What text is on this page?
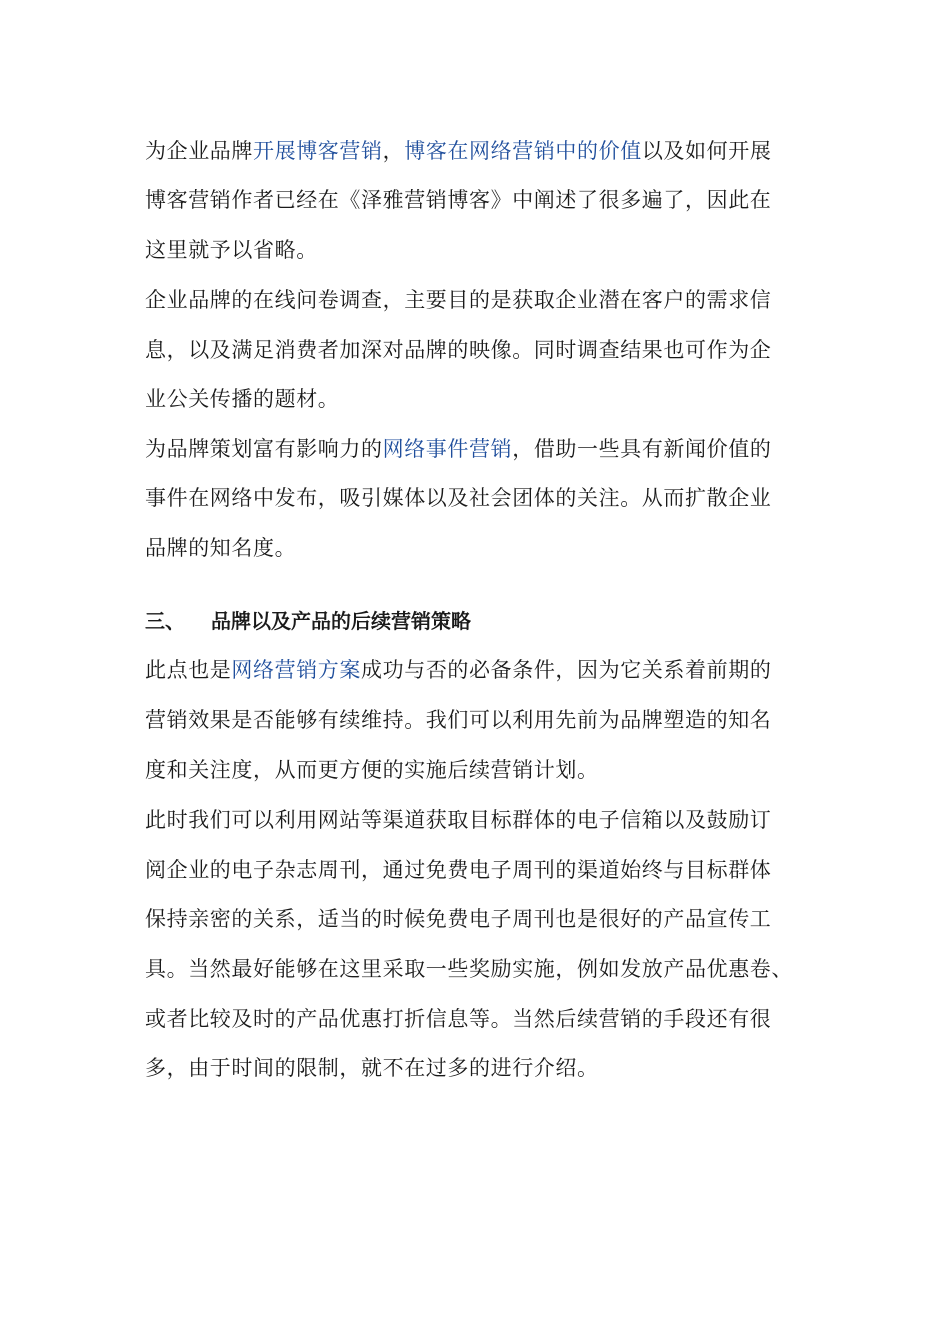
为企业品牌开展博客营销，博客在网络营销中的价值以及如何开展
博客营销作者已经在《泽雅营销博客》中阐述了很多遍了，因此在
这里就予以省略。
企业品牌的在线问卷调查，主要目的是获取企业潜在客户的需求信
息，以及满足消费者加深对品牌的映像。同时调查结果也可作为企
业公关传播的题材。
为品牌策划富有影响力的网络事件营销，借助一些具有新闻价值的
事件在网络中发布，吸引媒体以及社会团体的关注。从而扩散企业
品牌的知名度。
三、 品牌以及产品的后续营销策略
此点也是网络营销方案成功与否的必备条件，因为它关系着前期的
营销效果是否能够有续维持。我们可以利用先前为品牌塑造的知名
度和关注度，从而更方便的实施后续营销计划。
此时我们可以利用网站等渠道获取目标群体的电子信箱以及鼓励订
阅企业的电子杂志周刊，通过免费电子周刊的渠道始终与目标群体
保持亲密的关系，适当的时候免费电子周刊也是很好的产品宣传工
具。当然最好能够在这里采取一些奖励实施，例如发放产品优惠卷、
或者比较及时的产品优惠打折信息等。当然后续营销的手段还有很
多，由于时间的限制，就不在过多的进行介绍。
